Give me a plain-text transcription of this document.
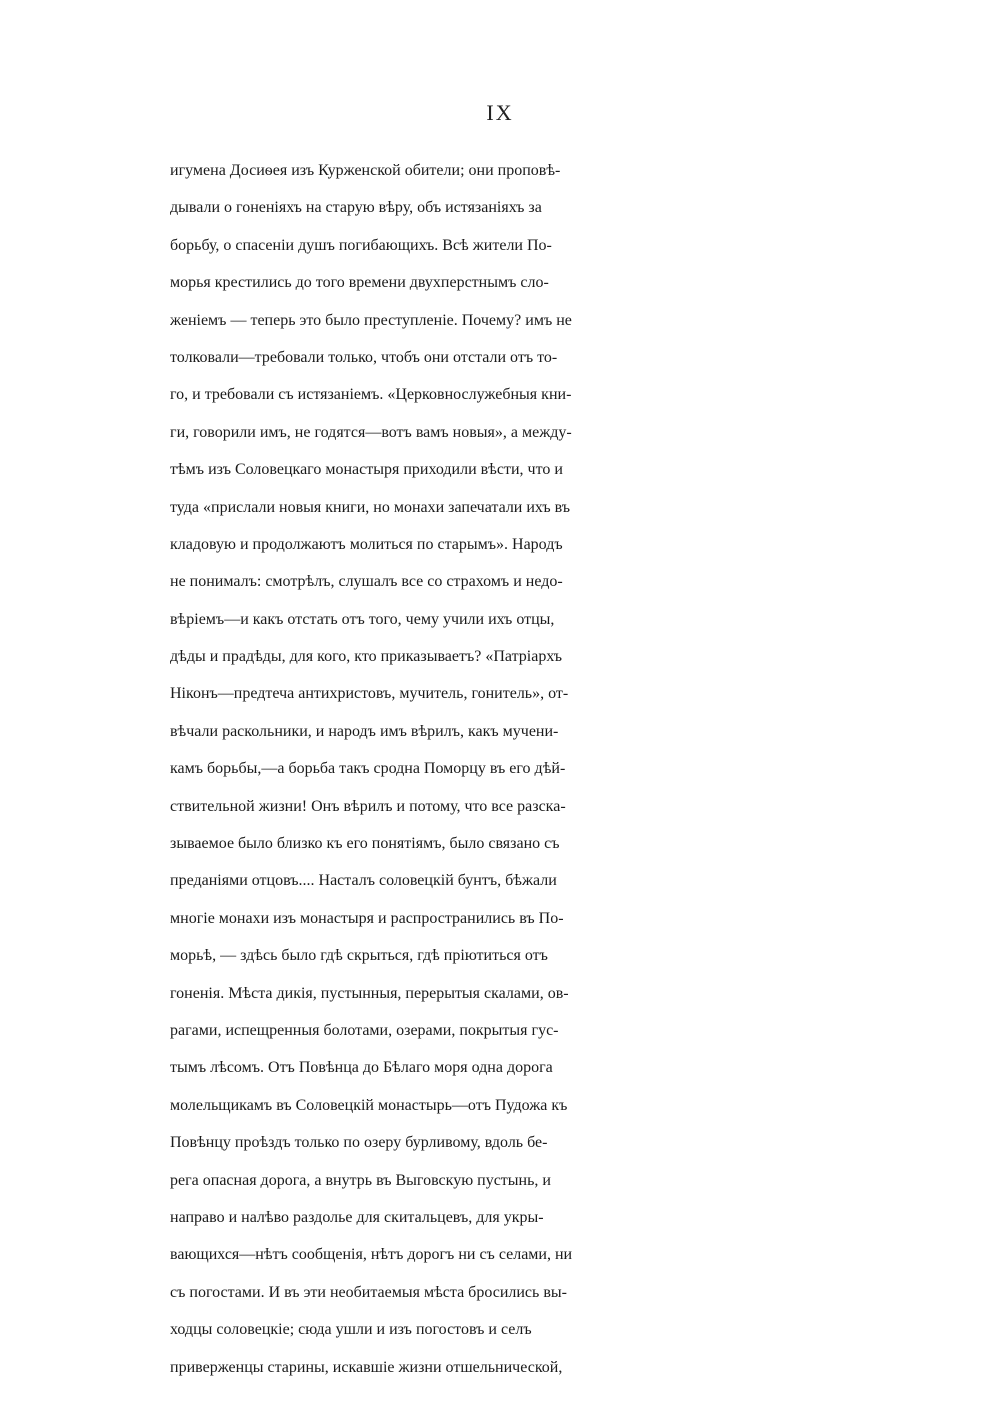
IX
игумена Досиѳея изъ Курженской обители; они проповѣ-
дывали о гоненіяхъ на старую вѣру, объ истязаніяхъ за
борьбу, о спасеніи душъ погибающихъ. Всѣ жители По-
морья крестились до того времени двухперстнымъ сло-
женіемъ — теперь это было преступленіе. Почему? имъ не
толковали—требовали только, чтобъ они отстали отъ то-
го, и требовали съ истязаніемъ. «Церковнослужебныя кни-
ги, говорили имъ, не годятся—вотъ вамъ новыя», а между-
тѣмъ изъ Соловецкаго монастыря приходили вѣсти, что и
туда «прислали новыя книги, но монахи запечатали ихъ въ
кладовую и продолжаютъ молиться по старымъ». Народъ
не понималъ: смотрѣлъ, слушалъ все со страхомъ и недо-
вѣріемъ—и какъ отстать отъ того, чему учили ихъ отцы,
дѣды и прадѣды, для кого, кто приказываетъ? «Патріархъ
Ніконъ—предтеча антихристовъ, мучитель, гонитель», от-
вѣчали раскольники, и народъ имъ вѣрилъ, какъ мучени-
камъ борьбы,—а борьба такъ сродна Поморцу въ его дѣй-
ствительной жизни! Онъ вѣрилъ и потому, что все разска-
зываемое было близко къ его понятіямъ, было связано съ
преданіями отцовъ.... Насталъ соловецкій бунтъ, бѣжали
многіе монахи изъ монастыря и распространились въ По-
морьѣ, — здѣсь было гдѣ скрыться, гдѣ пріютиться отъ
гоненія. Мѣста дикія, пустынныя, перерытыя скалами, ов-
рагами, испещренныя болотами, озерами, покрытыя гус-
тымъ лѣсомъ. Отъ Повѣнца до Бѣлаго моря одна дорога
молельщикамъ въ Соловецкій монастырь—отъ Пудожа къ
Повѣнцу проѣздъ только по озеру бурливому, вдоль бе-
рега опасная дорога, а внутрь въ Выговскую пустынь, и
направо и налѣво раздолье для скитальцевъ, для укры-
вающихся—нѣтъ сообщенія, нѣтъ дорогъ ни съ селами, ни
съ погостами. И въ эти необитаемыя мѣста бросились вы-
ходцы соловецкіе; сюда ушли и изъ погостовъ и селъ
приверженцы старины, искавшіе жизни отшельнической,
